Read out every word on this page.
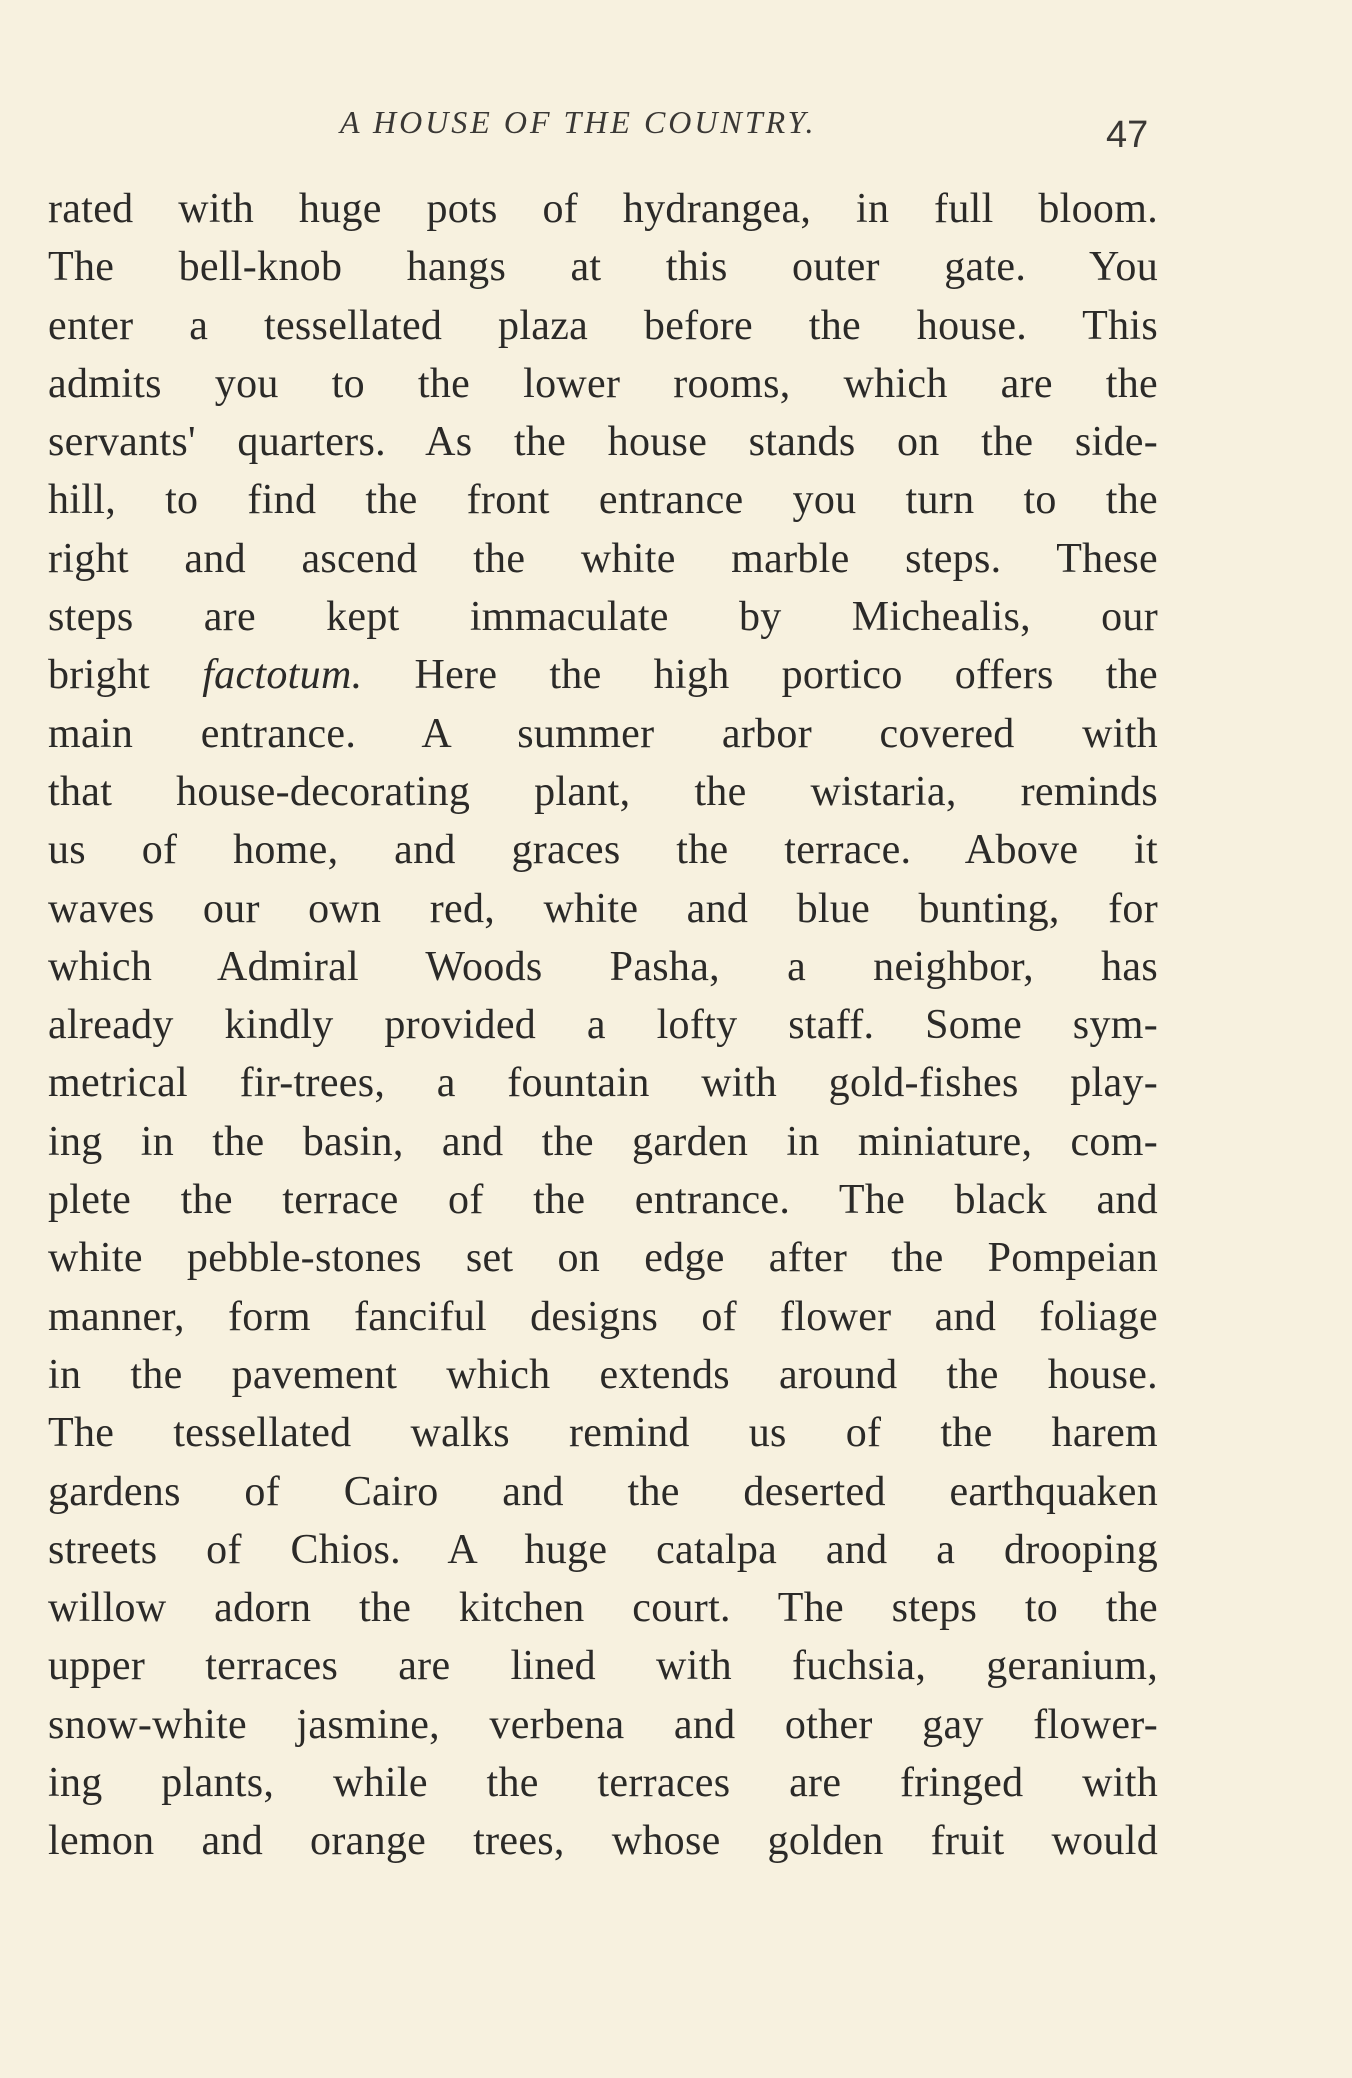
A HOUSE OF THE COUNTRY.	47
rated with huge pots of hydrangea, in full bloom.
The bell-knob hangs at this outer gate. You
enter a tessellated plaza before the house. This
admits you to the lower rooms, which are the
servants' quarters. As the house stands on the side-
hill, to find the front entrance you turn to the
right and ascend the white marble steps. These
steps are kept immaculate by Michealis, our
bright factotum. Here the high portico offers the
main entrance. A summer arbor covered with
that house-decorating plant, the wistaria, reminds
us of home, and graces the terrace. Above it
waves our own red, white and blue bunting, for
which Admiral Woods Pasha, a neighbor, has
already kindly provided a lofty staff. Some sym-
metrical fir-trees, a fountain with gold-fishes play-
ing in the basin, and the garden in miniature, com-
plete the terrace of the entrance. The black and
white pebble-stones set on edge after the Pompeian
manner, form fanciful designs of flower and foliage
in the pavement which extends around the house.
The tessellated walks remind us of the harem
gardens of Cairo and the deserted earthquaken
streets of Chios. A huge catalpa and a drooping
willow adorn the kitchen court. The steps to the
upper terraces are lined with fuchsia, geranium,
snow-white jasmine, verbena and other gay flower-
ing plants, while the terraces are fringed with
lemon and orange trees, whose golden fruit would
